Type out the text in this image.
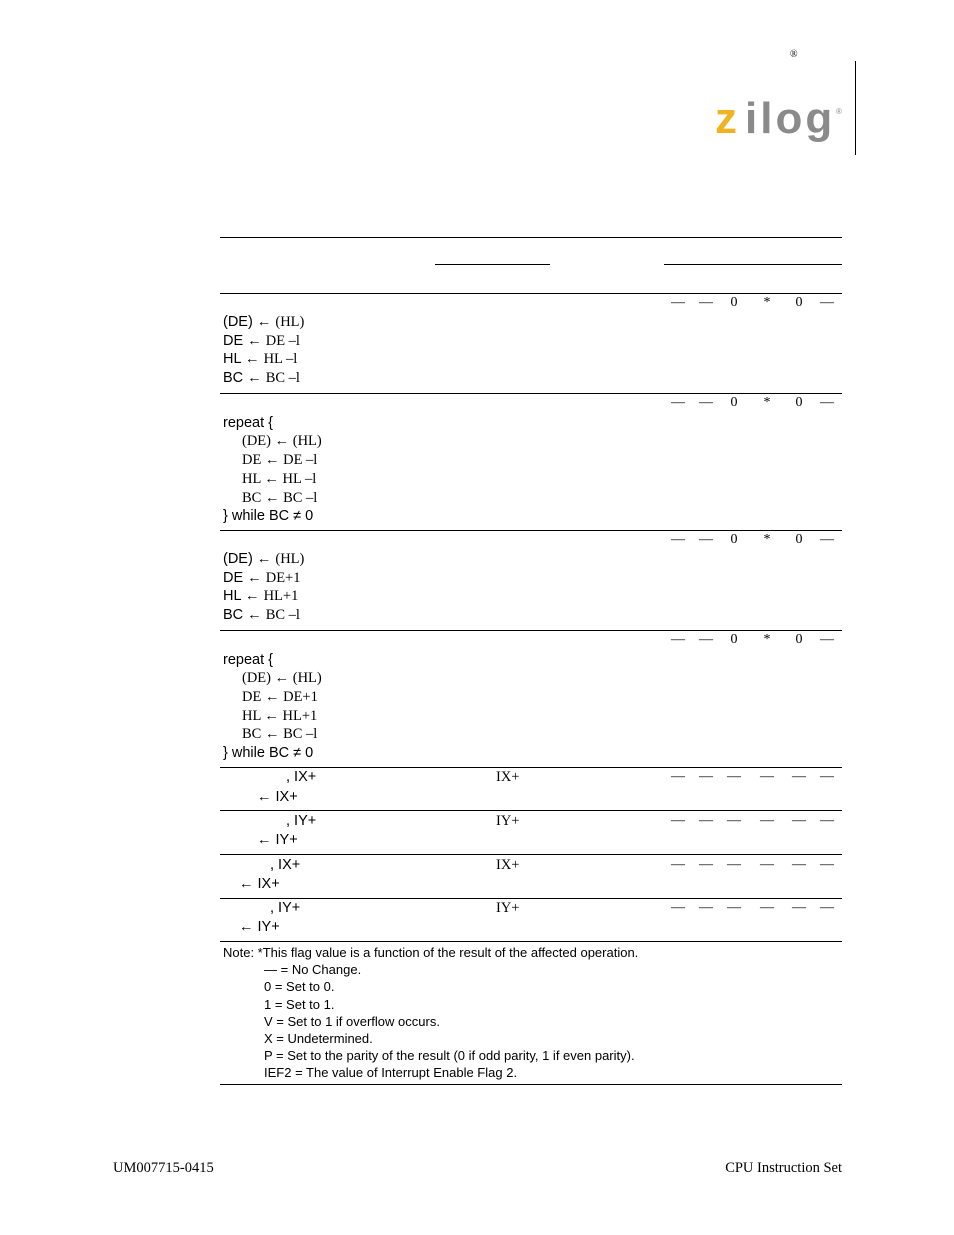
®
z ilog ®
(DE) ← (HL)
DE ← DE –l
HL ← HL –l
BC ← BC –l
—	—	0	*	0	—
repeat {
(DE) ← (HL)
DE ← DE –l
HL ← HL –l
BC ← BC –l
} while BC ≠ 0
—	—	0	*	0	—
(DE) ← (HL)
DE ← DE+1
HL ← HL+1
BC ← BC –l
—	—	0	*	0	—
repeat {
(DE) ← (HL)
DE ← DE+1
HL ← HL+1
BC ← BC –l
} while BC ≠ 0
—	—	0	*	0	—
, IX+
← IX+
IX+	—	—	—	—	—	—
, IY+
← IY+
IY+	—	—	—	—	—	—
, IX+
← IX+
IX+	—	—	—	—	—	—
, IY+
← IY+
IY+	—	—	—	—	—	—
Note: *This flag value is a function of the result of the affected operation.
— = No Change.
0 = Set to 0.
1 = Set to 1.
V = Set to 1 if overflow occurs.
X = Undetermined.
P = Set to the parity of the result (0 if odd parity, 1 if even parity).
IEF2 = The value of Interrupt Enable Flag 2.
UM007715-0415	CPU Instruction Set
